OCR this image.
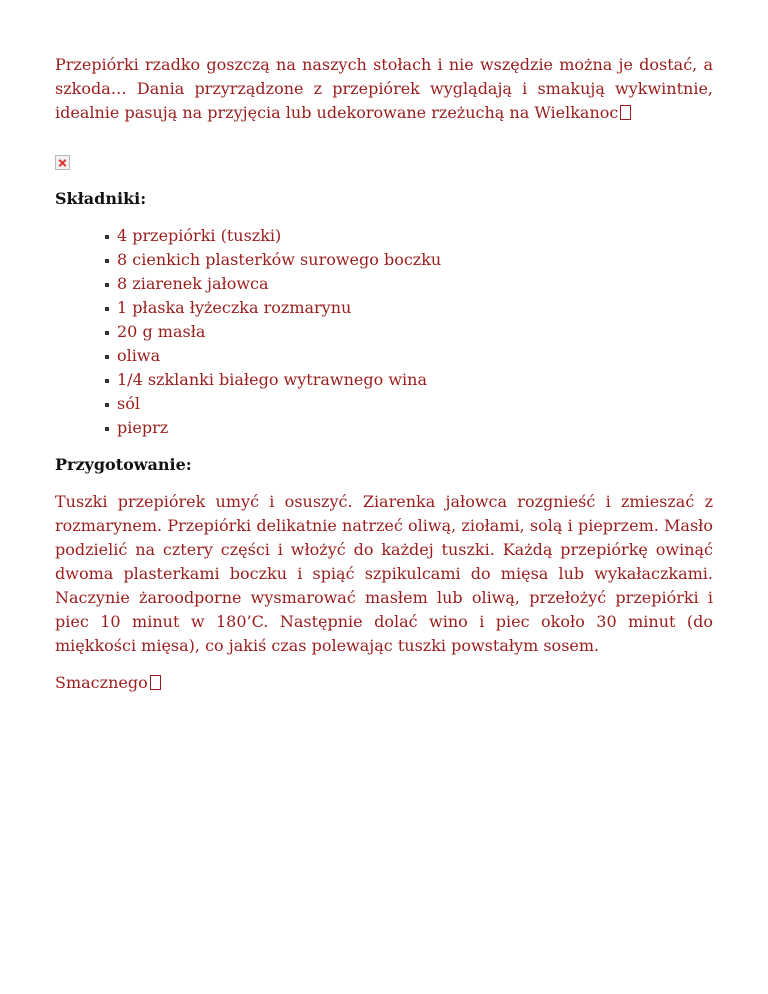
Przepiórki rzadko goszczą na naszych stołach i nie wszędzie można je dostać, a szkoda… Dania przyrządzone z przepiórek wyglądają i smakują wykwintnie, idealnie pasują na przyjęcia lub udekorowane rzeżuchą na Wielkanoc

Składniki:

4 przepiórki (tuszki)
8 cienkich plasterków surowego boczku
8 ziarenek jałowca
1 płaska łyżeczka rozmarynu
20 g masła
oliwa
1/4 szklanki białego wytrawnego wina
sól
pieprz

Przygotowanie:

Tuszki przepiórek umyć i osuszyć. Ziarenka jałowca rozgnieść i zmieszać z rozmarynem. Przepiórki delikatnie natrzeć oliwą, ziołami, solą i pieprzem. Masło podzielić na cztery części i włożyć do każdej tuszki. Każdą przepiórkę owinąć dwoma plasterkami boczku i spiąć szpikulcami do mięsa lub wykałaczkami. Naczynie żaroodporne wysmarować masłem lub oliwą, przełożyć przepiórki i piec 10 minut w 180’C. Następnie dolać wino i piec około 30 minut (do miękkości mięsa), co jakiś czas polewając tuszki powstałym sosem.

Smacznego
